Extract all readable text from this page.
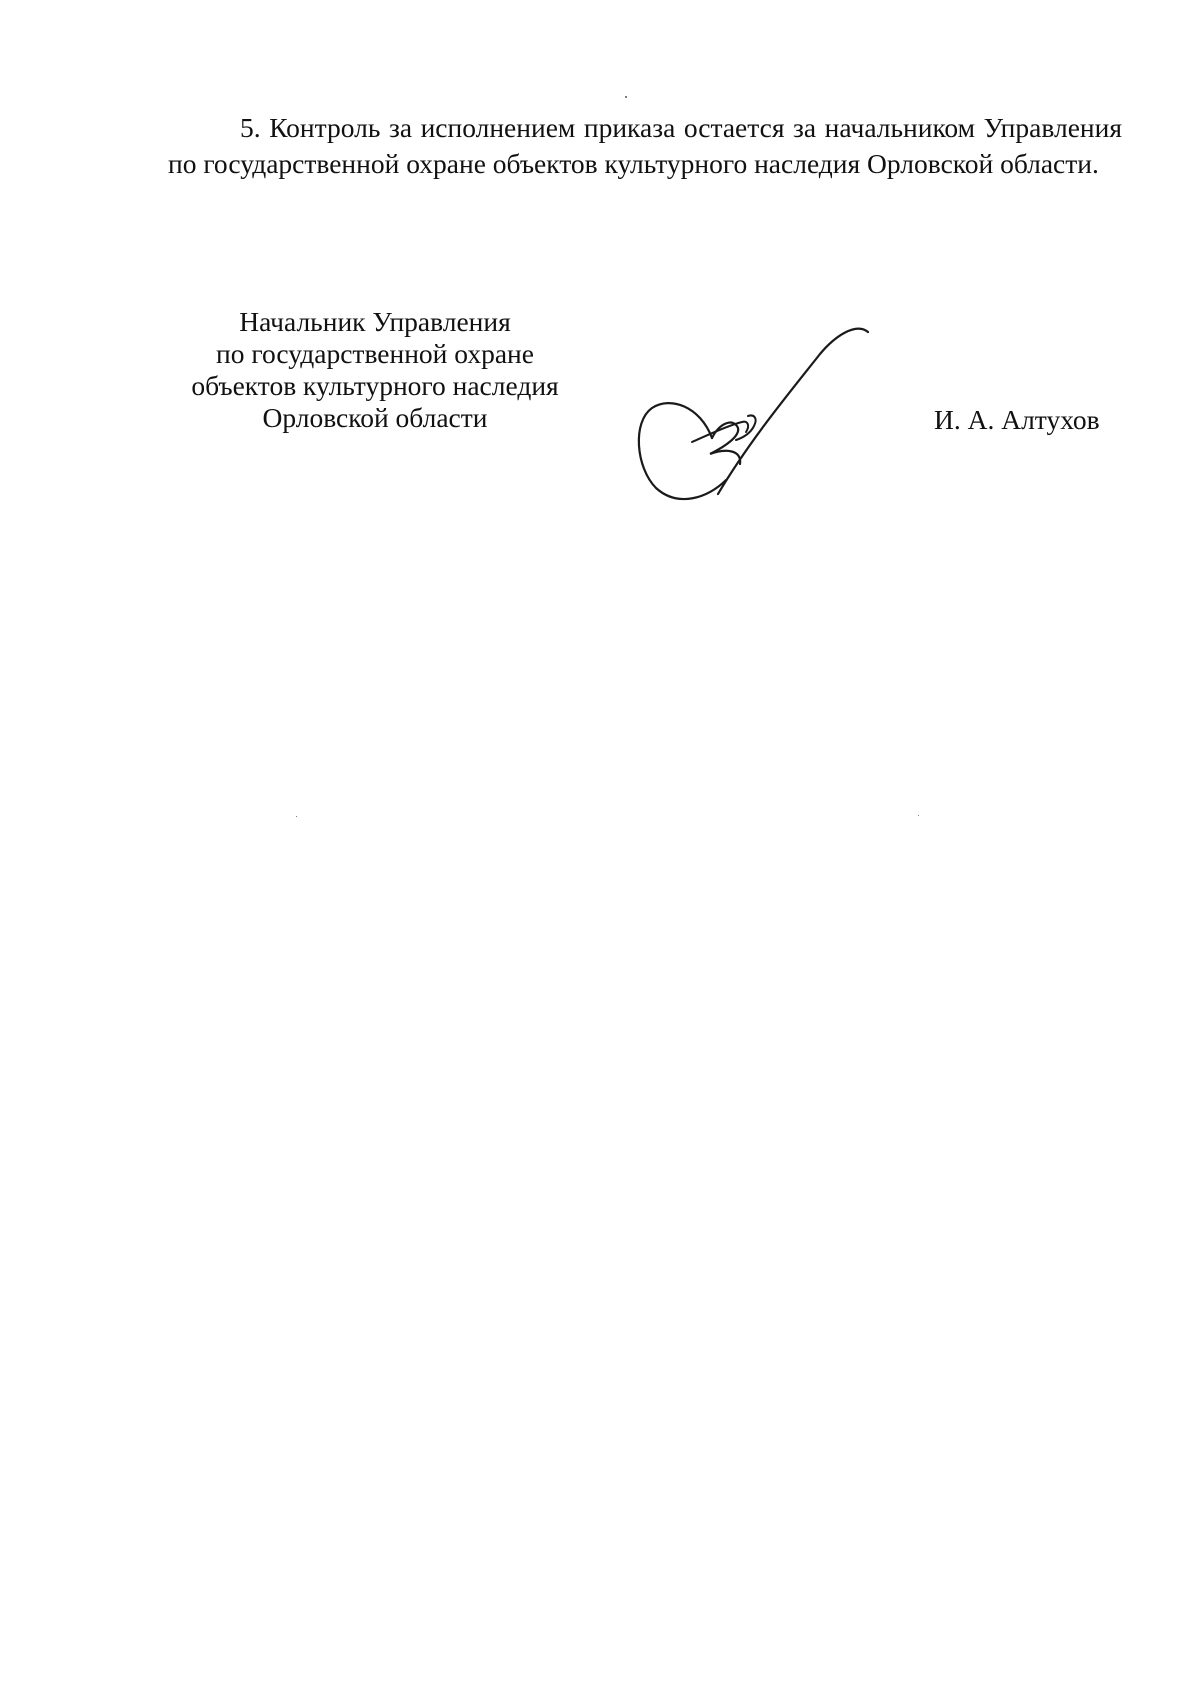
5. Контроль за исполнением приказа остается за начальником Управления по государственной охране объектов культурного наследия Орловской области.

Начальник Управления
по государственной охране
объектов культурного наследия
Орловской области	И. А. Алтухов
